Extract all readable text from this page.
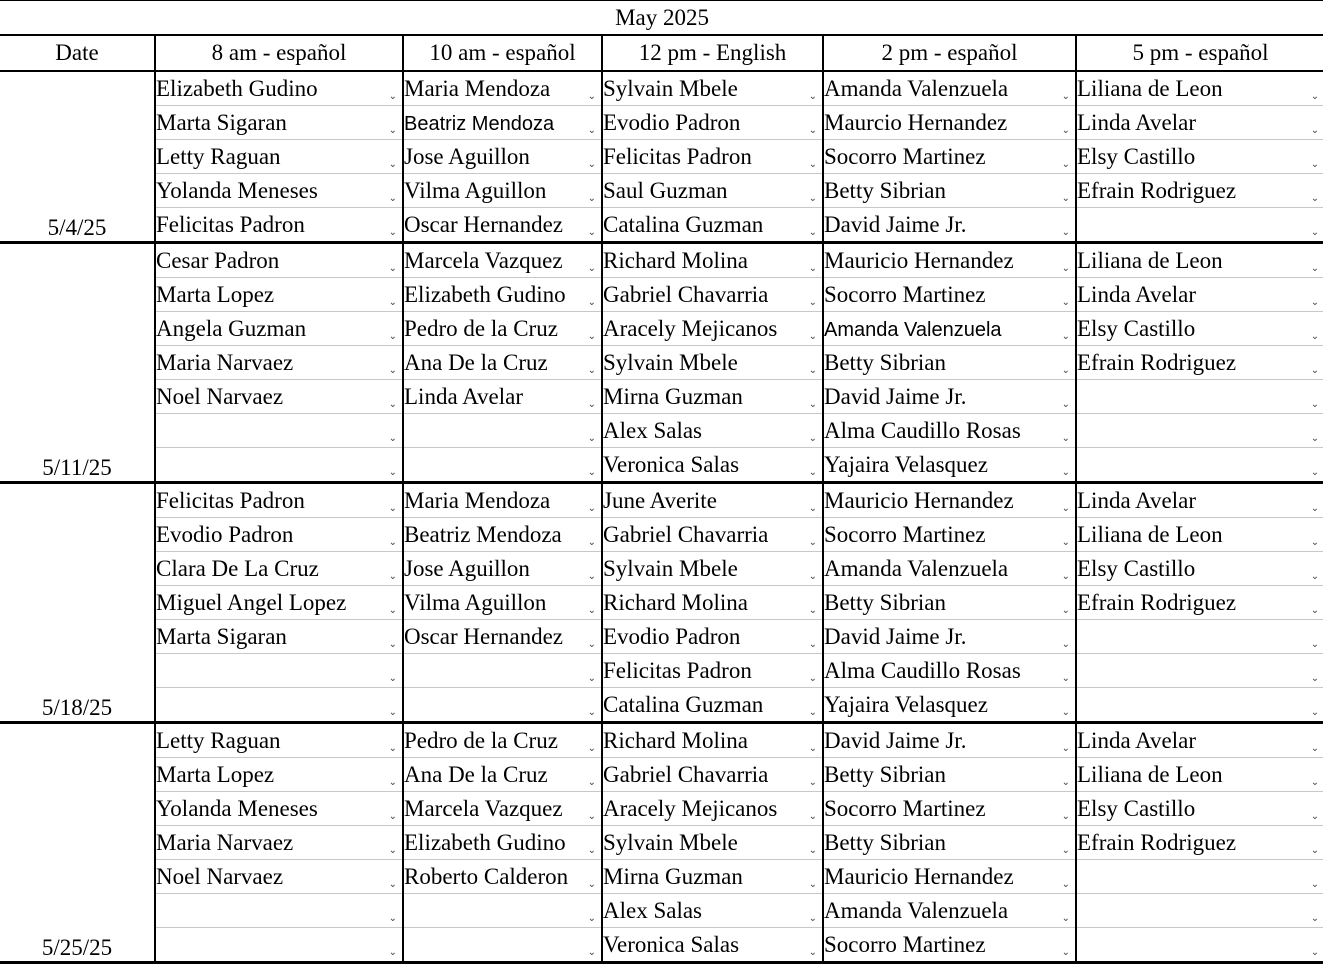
May 2025					
Date	8 am - español	10 am - español	12 pm - English	2 pm - español	5 pm - español
5/4/25	Elizabeth Gudino ⌄	Maria Mendoza ⌄	Sylvain Mbele ⌄	Amanda Valenzuela ⌄	Liliana de Leon ⌄

	Marta Sigaran ⌄	Beatriz Mendoza ⌄	Evodio Padron ⌄	Maurcio Hernandez ⌄	Linda Avelar ⌄

	Letty Raguan ⌄	Jose Aguillon ⌄	Felicitas Padron ⌄	Socorro Martinez ⌄	Elsy Castillo ⌄

	Yolanda Meneses ⌄	Vilma Aguillon ⌄	Saul Guzman ⌄	Betty Sibrian ⌄	Efrain Rodriguez ⌄

	Felicitas Padron ⌄	Oscar Hernandez ⌄	Catalina Guzman ⌄	David Jaime Jr. ⌄	⌄

5/11/25	Cesar Padron ⌄	Marcela Vazquez ⌄	Richard Molina ⌄	Mauricio Hernandez ⌄	Liliana de Leon ⌄

	Marta Lopez ⌄	Elizabeth Gudino ⌄	Gabriel Chavarria ⌄	Socorro Martinez ⌄	Linda Avelar ⌄

	Angela Guzman ⌄	Pedro de la Cruz ⌄	Aracely Mejicanos ⌄	Amanda Valenzuela ⌄	Elsy Castillo ⌄

	Maria Narvaez ⌄	Ana De la Cruz ⌄	Sylvain Mbele ⌄	Betty Sibrian ⌄	Efrain Rodriguez ⌄

	Noel Narvaez ⌄	Linda Avelar ⌄	Mirna Guzman ⌄	David Jaime Jr. ⌄	⌄

	⌄	⌄	Alex Salas ⌄	Alma Caudillo Rosas ⌄	⌄

	⌄	⌄	Veronica Salas ⌄	Yajaira Velasquez ⌄	⌄

5/18/25	Felicitas Padron ⌄	Maria Mendoza ⌄	June Averite ⌄	Mauricio Hernandez ⌄	Linda Avelar ⌄

	Evodio Padron ⌄	Beatriz Mendoza ⌄	Gabriel Chavarria ⌄	Socorro Martinez ⌄	Liliana de Leon ⌄

	Clara De La Cruz ⌄	Jose Aguillon ⌄	Sylvain Mbele ⌄	Amanda Valenzuela ⌄	Elsy Castillo ⌄

	Miguel Angel Lopez ⌄	Vilma Aguillon ⌄	Richard Molina ⌄	Betty Sibrian ⌄	Efrain Rodriguez ⌄

	Marta Sigaran ⌄	Oscar Hernandez ⌄	Evodio Padron ⌄	David Jaime Jr. ⌄	⌄

	⌄	⌄	Felicitas Padron ⌄	Alma Caudillo Rosas ⌄	⌄

	⌄	⌄	Catalina Guzman ⌄	Yajaira Velasquez ⌄	⌄

5/25/25	Letty Raguan ⌄	Pedro de la Cruz ⌄	Richard Molina ⌄	David Jaime Jr. ⌄	Linda Avelar ⌄

	Marta Lopez ⌄	Ana De la Cruz ⌄	Gabriel Chavarria ⌄	Betty Sibrian ⌄	Liliana de Leon ⌄

	Yolanda Meneses ⌄	Marcela Vazquez ⌄	Aracely Mejicanos ⌄	Socorro Martinez ⌄	Elsy Castillo ⌄

	Maria Narvaez ⌄	Elizabeth Gudino ⌄	Sylvain Mbele ⌄	Betty Sibrian ⌄	Efrain Rodriguez ⌄

	Noel Narvaez ⌄	Roberto Calderon ⌄	Mirna Guzman ⌄	Mauricio Hernandez ⌄	⌄

	⌄	⌄	Alex Salas ⌄	Amanda Valenzuela ⌄	⌄

	⌄	⌄	Veronica Salas ⌄	Socorro Martinez ⌄	⌄
